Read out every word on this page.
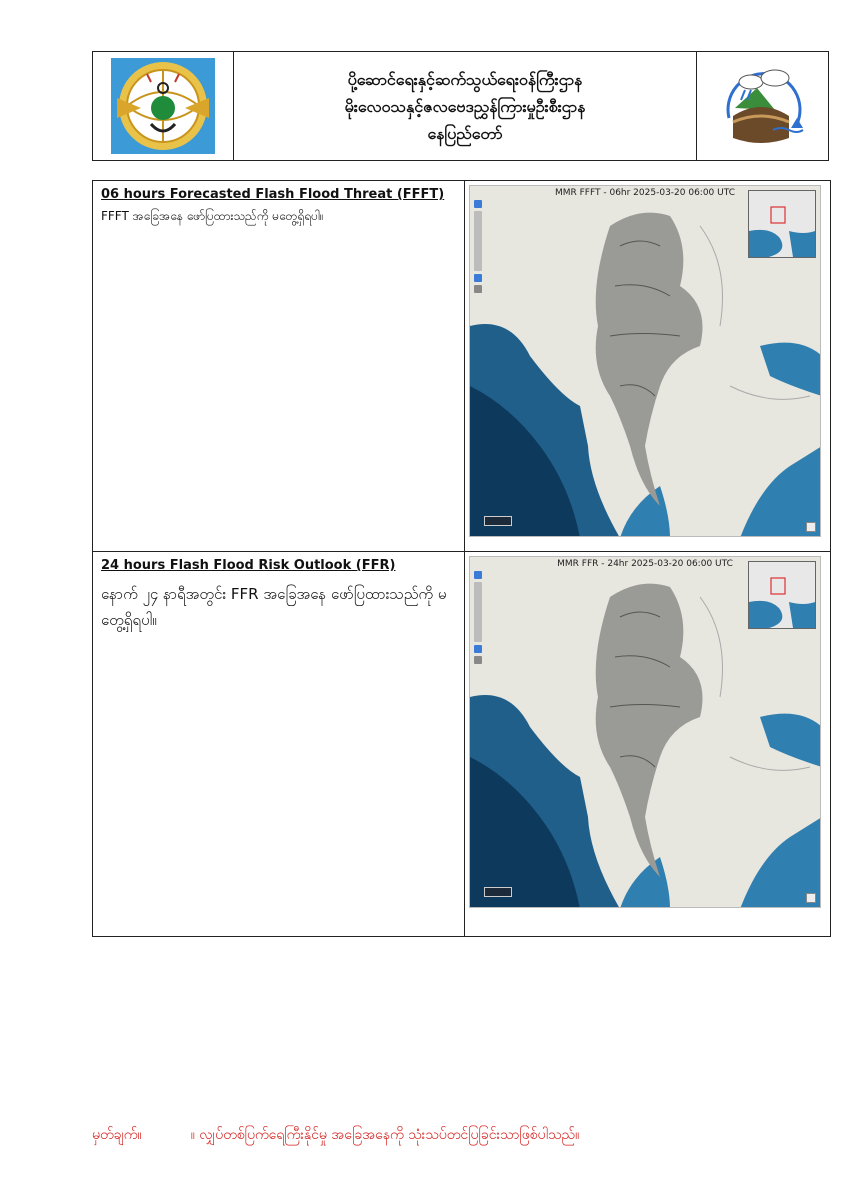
ပို့ဆောင်ရေးနှင့်ဆက်သွယ်ရေးဝန်ကြီးဌာန
မိုးလေဝသနှင့်ဇလဗေဒညွှန်ကြားမှုဦးစီးဌာန
နေပြည်တော်
06 hours Forecasted Flash Flood Threat (FFFT)
FFFT အခြေအနေ ဖော်ပြထားသည်ကို မတွေ့ရှိရပါ။
MMR FFFT - 06hr 2025-03-20 06:00 UTC
24 hours Flash Flood Risk Outlook (FFR)
နောက် ၂၄ နာရီအတွင်း FFR အခြေအနေ ဖော်ပြထားသည်ကို မတွေ့ရှိရပါ။
MMR FFR - 24hr 2025-03-20 06:00 UTC
မှတ်ချက်။	။ လျှပ်တစ်ပြက်ရေကြီးနိုင်မှု အခြေအနေကို သုံးသပ်တင်ပြခြင်းသာဖြစ်ပါသည်။
